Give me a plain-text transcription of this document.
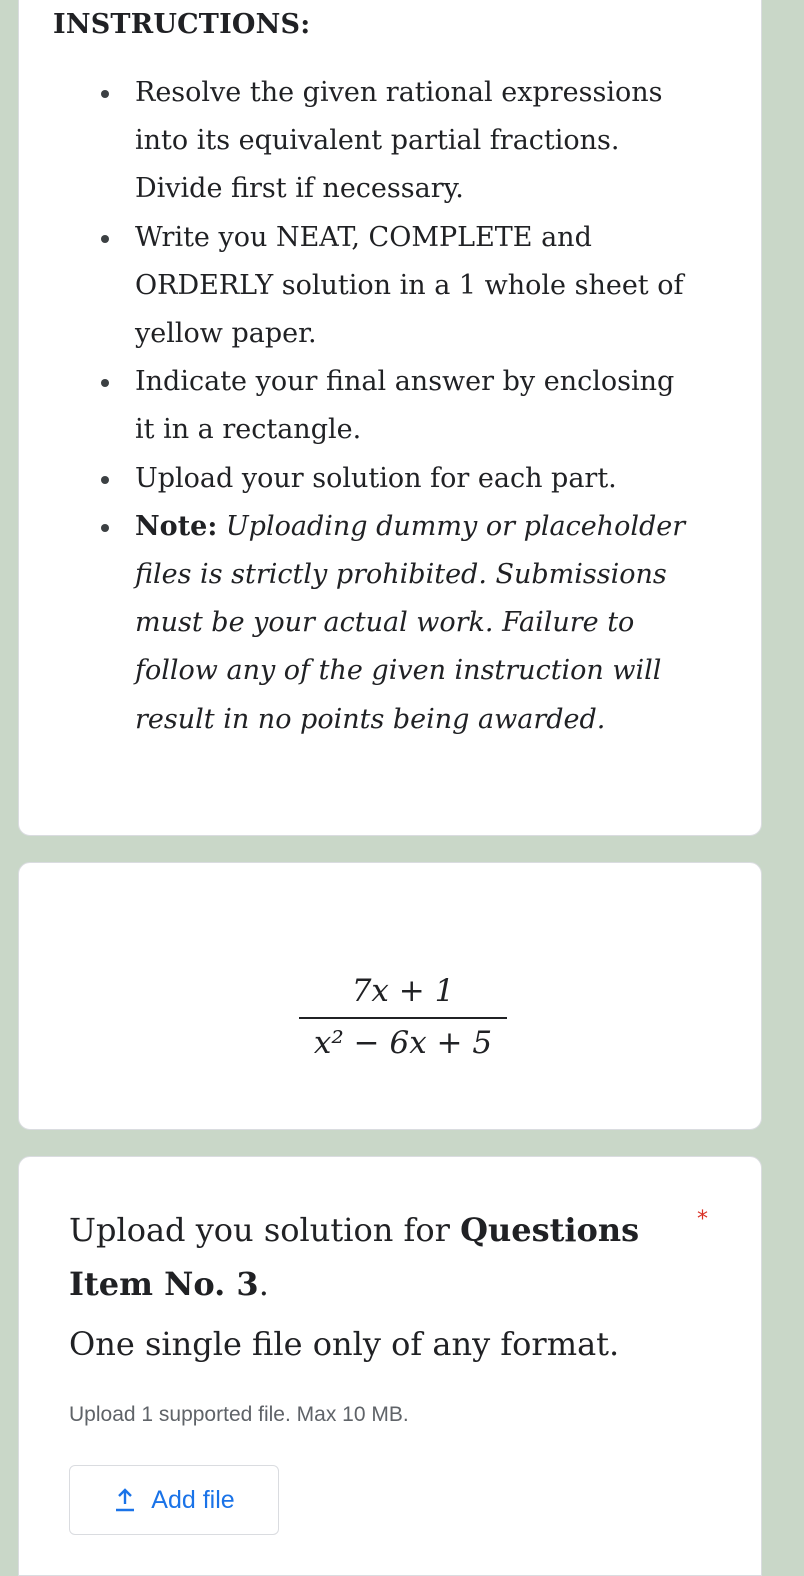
INSTRUCTIONS:
Resolve the given rational expressions into its equivalent partial fractions. Divide first if necessary.
Write you NEAT, COMPLETE and ORDERLY solution in a 1 whole sheet of yellow paper.
Indicate your final answer by enclosing it in a rectangle.
Upload your solution for each part.
Note: Uploading dummy or placeholder files is strictly prohibited. Submissions must be your actual work. Failure to follow any of the given instruction will result in no points being awarded.
7x + 1
x² − 6x + 5
Upload you solution for Questions Item No. 3.
*
One single file only of any format.
Upload 1 supported file. Max 10 MB.
Add file
